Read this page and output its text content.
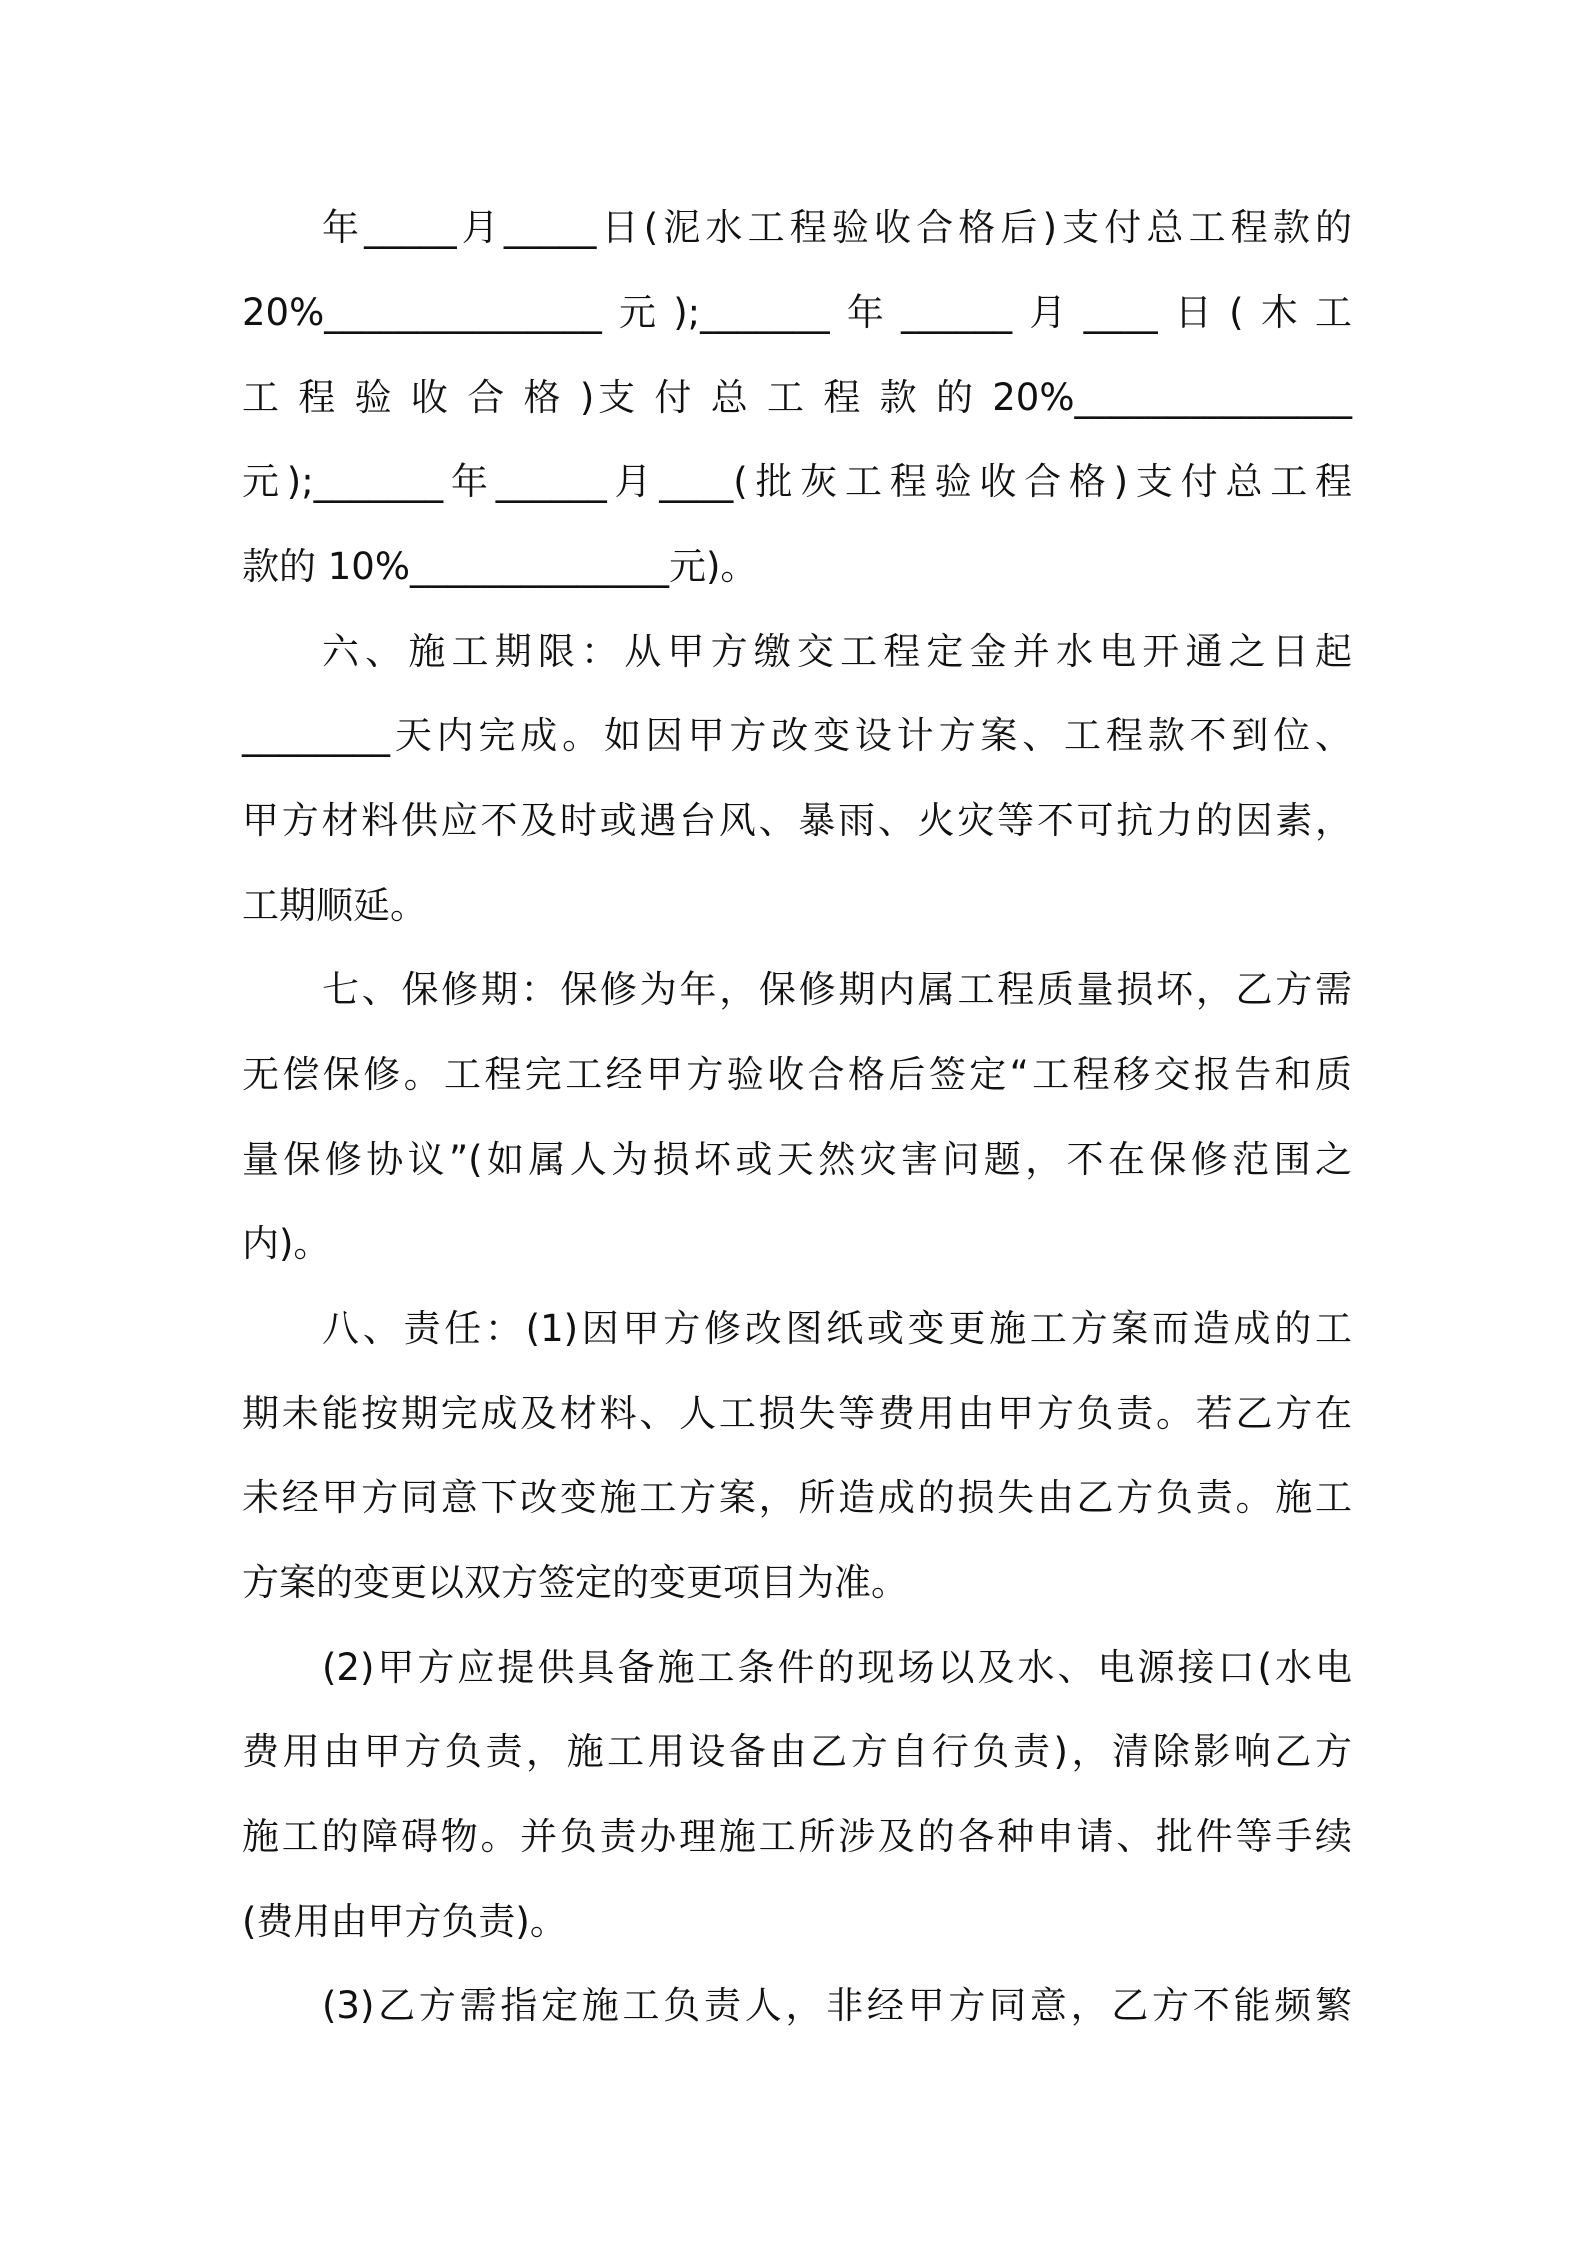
年_____月_____日(泥水工程验收合格后)支付总工程款的
20%_______________元);_______年______月____日(木工
工 程 验 收 合 格 )支 付 总 工 程 款 的 20%_______________
元);_______年______月____(批灰工程验收合格)支付总工程
款的 10%______________元)。
六、施工期限：从甲方缴交工程定金并水电开通之日起
________天内完成。如因甲方改变设计方案、工程款不到位、
甲方材料供应不及时或遇台风、暴雨、火灾等不可抗力的因素，
工期顺延。
七、保修期：保修为年，保修期内属工程质量损坏，乙方需
无偿保修。工程完工经甲方验收合格后签定“工程移交报告和质
量保修协议”(如属人为损坏或天然灾害问题，不在保修范围之
内)。
八、责任：(1)因甲方修改图纸或变更施工方案而造成的工
期未能按期完成及材料、人工损失等费用由甲方负责。若乙方在
未经甲方同意下改变施工方案，所造成的损失由乙方负责。施工
方案的变更以双方签定的变更项目为准。
(2)甲方应提供具备施工条件的现场以及水、电源接口(水电
费用由甲方负责，施工用设备由乙方自行负责)，清除影响乙方
施工的障碍物。并负责办理施工所涉及的各种申请、批件等手续
(费用由甲方负责)。
(3)乙方需指定施工负责人，非经甲方同意，乙方不能频繁
